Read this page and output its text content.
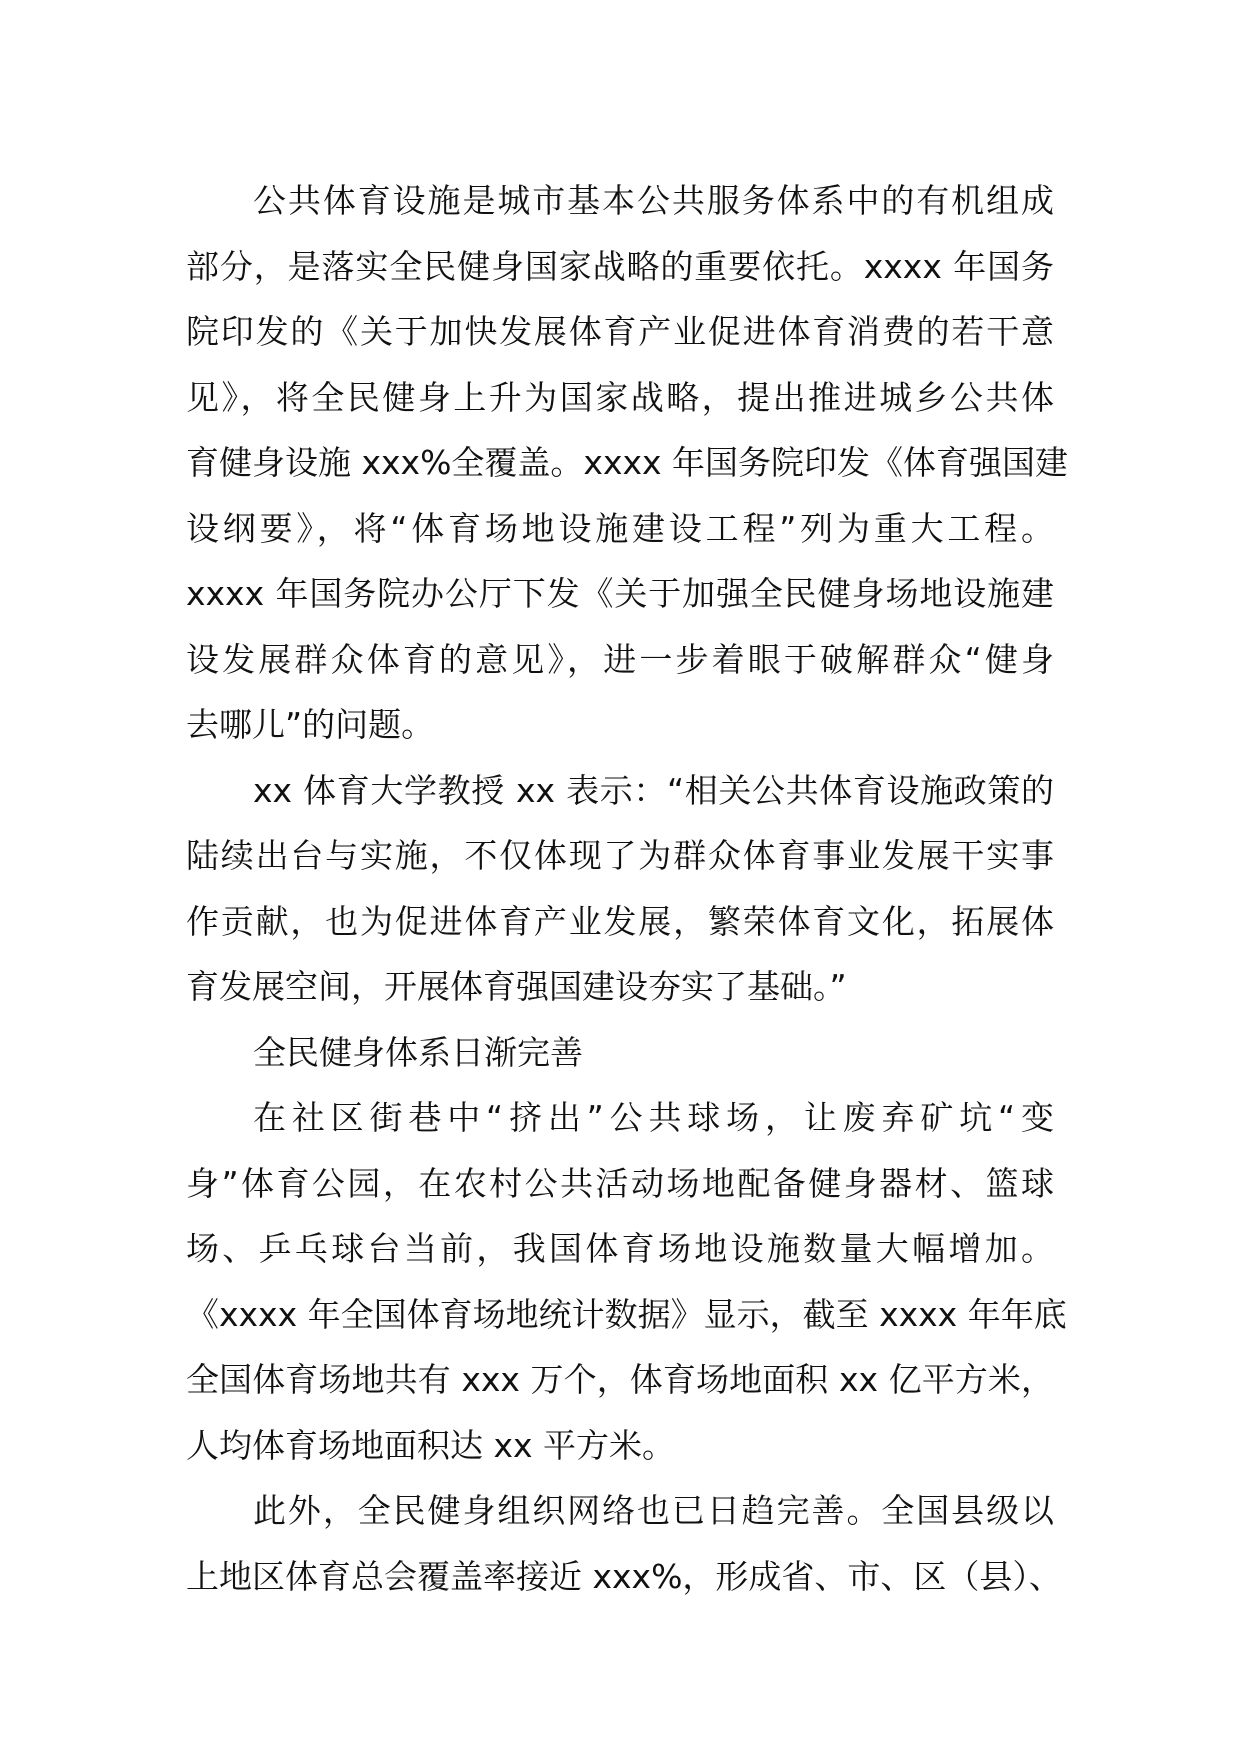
公共体育设施是城市基本公共服务体系中的有机组成
部分，是落实全民健身国家战略的重要依托。xxxx 年国务
院印发的《关于加快发展体育产业促进体育消费的若干意
见》，将全民健身上升为国家战略，提出推进城乡公共体
育健身设施 xxx%全覆盖。xxxx 年国务院印发《体育强国建
设纲要》，将“体育场地设施建设工程”列为重大工程。
xxxx 年国务院办公厅下发《关于加强全民健身场地设施建
设发展群众体育的意见》，进一步着眼于破解群众“健身
去哪儿”的问题。
xx 体育大学教授 xx 表示：“相关公共体育设施政策的
陆续出台与实施，不仅体现了为群众体育事业发展干实事
作贡献，也为促进体育产业发展，繁荣体育文化，拓展体
育发展空间，开展体育强国建设夯实了基础。”
全民健身体系日渐完善
在社区街巷中“挤出”公共球场，让废弃矿坑“变
身”体育公园，在农村公共活动场地配备健身器材、篮球
场、乒乓球台当前，我国体育场地设施数量大幅增加。
《xxxx 年全国体育场地统计数据》显示，截至 xxxx 年年底
全国体育场地共有 xxx 万个，体育场地面积 xx 亿平方米，
人均体育场地面积达 xx 平方米。
此外，全民健身组织网络也已日趋完善。全国县级以
上地区体育总会覆盖率接近 xxx%，形成省、市、区（县）、
